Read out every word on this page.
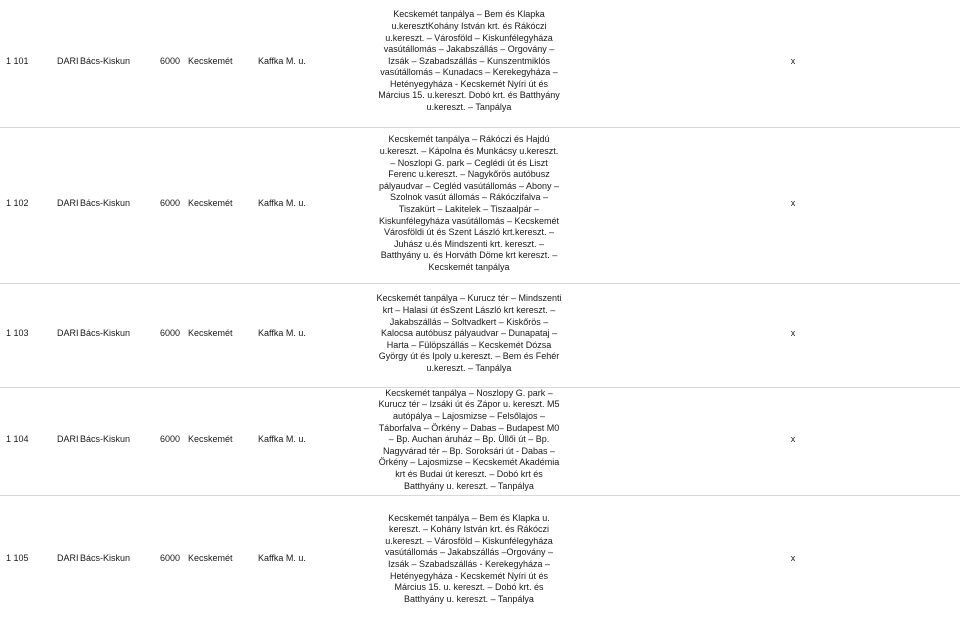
1 101	DARI Bács-Kiskun	6000 Kecskemét	Kaffka M. u.
Kecskemét tanpálya – Bem és Klapka u.keresztKohány István krt. és Rákóczi u.kereszt. – Városföld – Kiskunfélegyháza vasútállomás – Jakabszállás – Orgovány – Izsák – Szabadszállás – Kunszentmiklós vasútállomás – Kunadacs – Kerekegyháza – Hetényegyháza - Kecskemét Nyíri út és Március 15. u.kereszt. Dobó krt. és Batthyány u.kereszt. – Tanpálya
x
1 102	DARI Bács-Kiskun	6000 Kecskemét	Kaffka M. u.
Kecskemét tanpálya – Rákóczi és Hajdú u.kereszt. – Kápolna és Munkácsy u.kereszt. – Noszlopi G. park – Ceglédi út és Liszt Ferenc u.kereszt. – Nagykőrös autóbusz pályaudvar – Cegléd vasútállomás – Abony – Szolnok vasút állomás – Rákóczifalva – Tiszakürt – Lakitelek – Tiszaalpár – Kiskunfélegyháza vasútállomás – Kecskemét Városföldi út és Szent László krt.kereszt. – Juhász u.és Mindszenti krt. kereszt. – Batthyány u. és Horváth Döme krt kereszt. – Kecskemét tanpálya
x
1 103	DARI Bács-Kiskun	6000 Kecskemét	Kaffka M. u.
Kecskemét tanpálya – Kurucz tér – Mindszenti krt – Halasi út ésSzent László krt kereszt. – Jakabszállás – Soltvadkert – Kiskőrös – Kalocsa autóbusz pályaudvar – Dunapataj – Harta – Fülöpszállás – Kecskemét Dózsa György út és Ipoly u.kereszt. – Bem és Fehér u.kereszt. – Tanpálya
x
1 104	DARI Bács-Kiskun	6000 Kecskemét	Kaffka M. u.
Kecskemét tanpálya – Noszlopy G. park – Kurucz tér – Izsáki út és Zápor u. kereszt. M5 autópálya – Lajosmizse – Felsőlajos – Táborfalva – Örkény – Dabas – Budapest M0 – Bp. Auchan áruház – Bp. Üllői út – Bp. Nagyvárad tér – Bp. Soroksári út - Dabas – Örkény – Lajosmizse – Kecskemét Akadémia krt és Budai út kereszt. – Dobó krt és Batthyány u. kereszt. – Tanpálya
x
1 105	DARI Bács-Kiskun	6000 Kecskemét	Kaffka M. u.
Kecskemét tanpálya – Bem és Klapka u. kereszt. – Kohány István krt. és Rákóczi u.kereszt. – Városföld – Kiskunfélegyháza vasútállomás – Jakabszállás –Orgovány – Izsák – Szabadszállás - Kerekegyháza – Hetényegyháza - Kecskemét Nyíri út és Március 15. u. kereszt. – Dobó krt. és Batthyány u. kereszt. – Tanpálya
x
